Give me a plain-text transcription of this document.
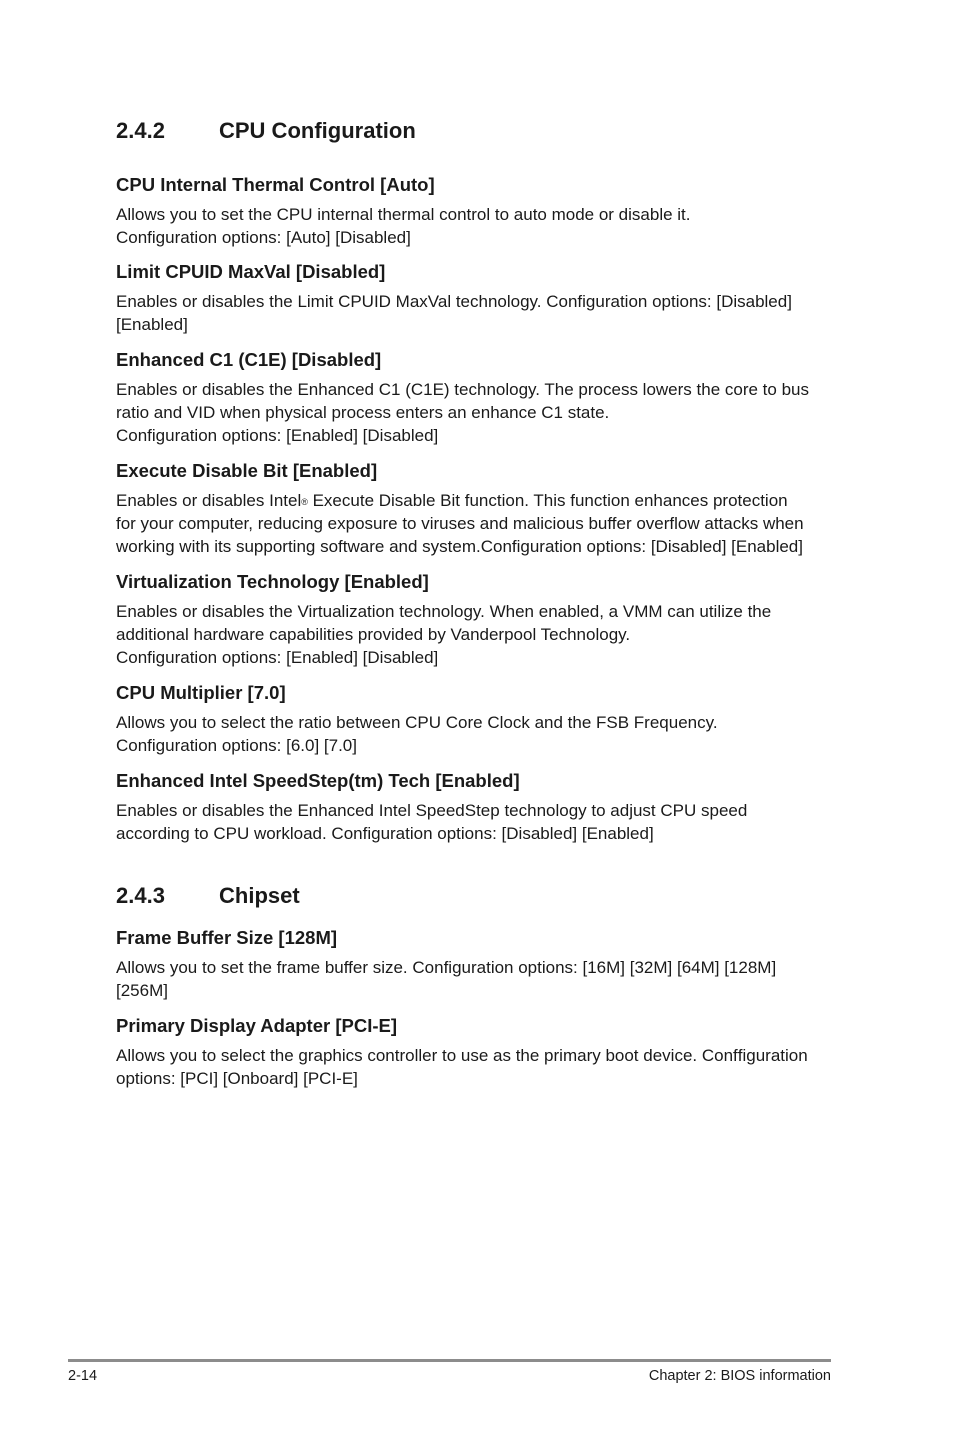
2.4.2	CPU Configuration
CPU Internal Thermal Control [Auto]

Allows you to set the CPU internal thermal control to auto mode or disable it.
Configuration options: [Auto] [Disabled]

Limit CPUID MaxVal [Disabled]

Enables or disables the Limit CPUID MaxVal technology. Configuration options: [Disabled]
[Enabled]

Enhanced C1 (C1E) [Disabled]

Enables or disables the Enhanced C1 (C1E) technology. The process lowers the core to bus
ratio and VID when physical process enters an enhance C1 state.
Configuration options: [Enabled] [Disabled]

Execute Disable Bit [Enabled]

Enables or disables Intel® Execute Disable Bit function. This function enhances protection
for your computer, reducing exposure to viruses and malicious buffer overflow attacks when
working with its supporting software and system.Configuration options: [Disabled] [Enabled]

Virtualization Technology [Enabled]

Enables or disables the Virtualization technology. When enabled, a VMM can utilize the
additional hardware capabilities provided by Vanderpool Technology.
Configuration options: [Enabled] [Disabled]

CPU Multiplier [7.0]

Allows you to select the ratio between CPU Core Clock and the FSB Frequency.
Configuration options: [6.0] [7.0]

Enhanced Intel SpeedStep(tm) Tech [Enabled]

Enables or disables the Enhanced Intel SpeedStep technology to adjust CPU speed
according to CPU workload. Configuration options: [Disabled] [Enabled]

2.4.3	Chipset
Frame Buffer Size [128M]

Allows you to set the frame buffer size. Configuration options: [16M] [32M] [64M] [128M]
[256M]

Primary Display Adapter [PCI-E]

Allows you to select the graphics controller to use as the primary boot device. Confﬁguration
options: [PCI] [Onboard] [PCI-E]

2-14	Chapter 2: BIOS information
